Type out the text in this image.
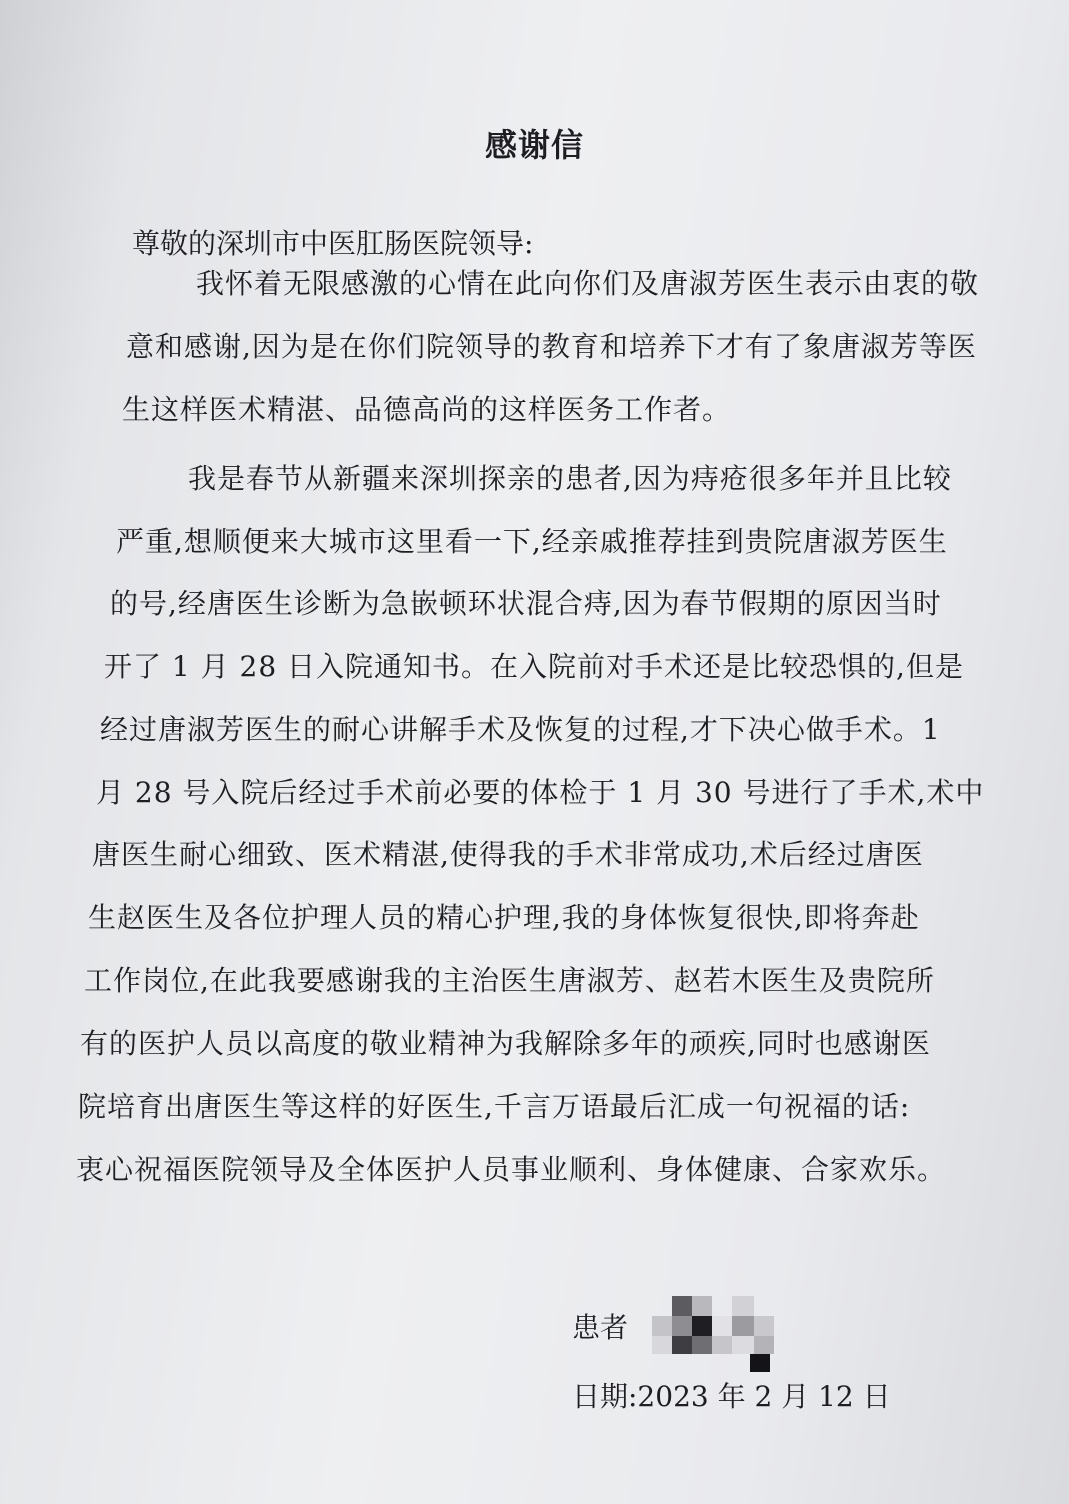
感谢信
尊敬的深圳市中医肛肠医院领导:
我怀着无限感激的心情在此向你们及唐淑芳医生表示由衷的敬
意和感谢,因为是在你们院领导的教育和培养下才有了象唐淑芳等医
生这样医术精湛、品德高尚的这样医务工作者。
我是春节从新疆来深圳探亲的患者,因为痔疮很多年并且比较
严重,想顺便来大城市这里看一下,经亲戚推荐挂到贵院唐淑芳医生
的号,经唐医生诊断为急嵌顿环状混合痔,因为春节假期的原因当时
开了 1 月 28 日入院通知书。在入院前对手术还是比较恐惧的,但是
经过唐淑芳医生的耐心讲解手术及恢复的过程,才下决心做手术。1
月 28 号入院后经过手术前必要的体检于 1 月 30 号进行了手术,术中
唐医生耐心细致、医术精湛,使得我的手术非常成功,术后经过唐医
生赵医生及各位护理人员的精心护理,我的身体恢复很快,即将奔赴
工作岗位,在此我要感谢我的主治医生唐淑芳、赵若木医生及贵院所
有的医护人员以高度的敬业精神为我解除多年的顽疾,同时也感谢医
院培育出唐医生等这样的好医生,千言万语最后汇成一句祝福的话:
衷心祝福医院领导及全体医护人员事业顺利、身体健康、合家欢乐。
患者
日期:2023 年 2 月 12 日
